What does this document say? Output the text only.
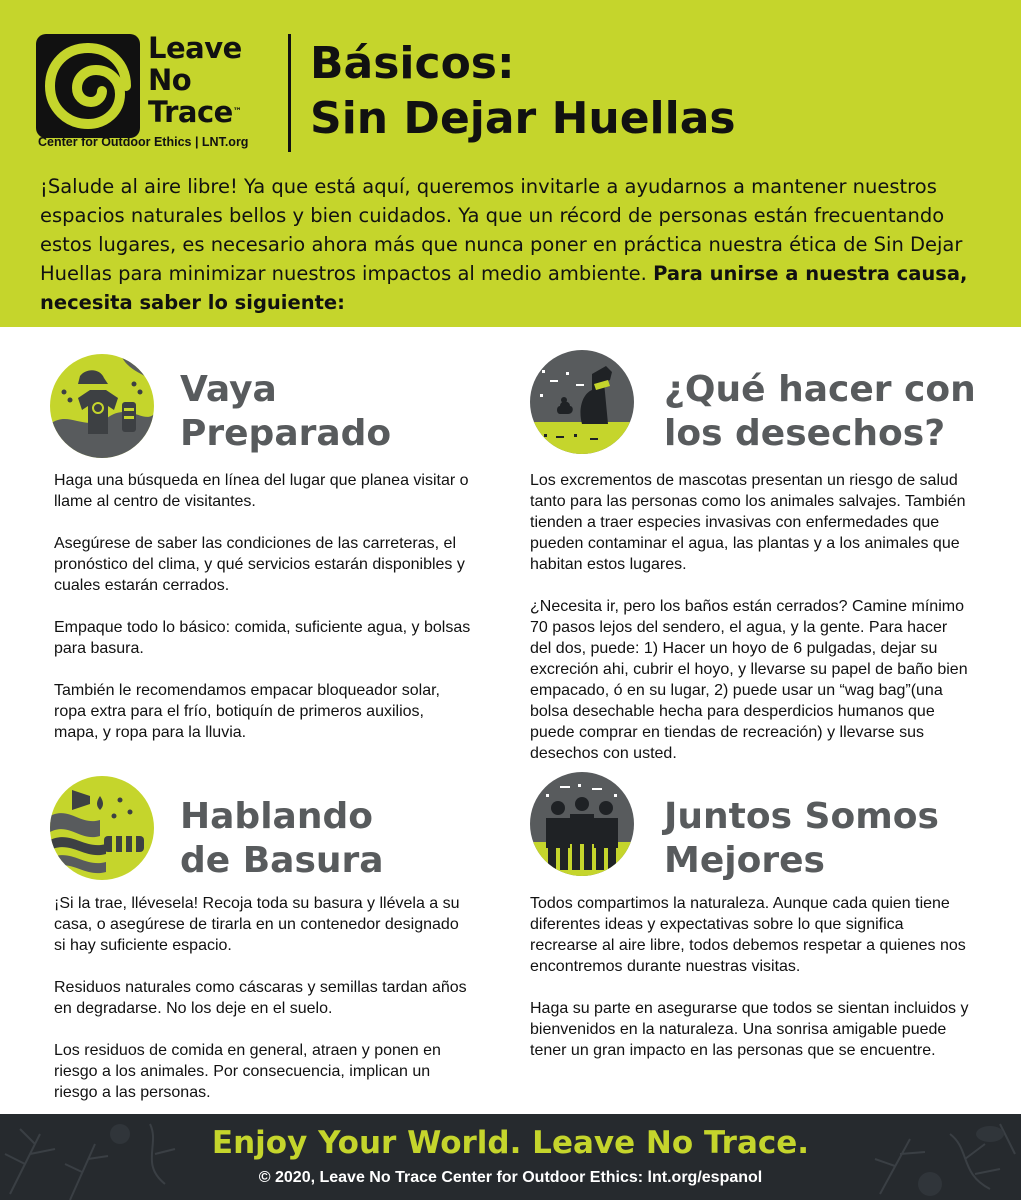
Leave
No
Trace™
Center for Outdoor Ethics | LNT.org
Básicos:
Sin Dejar Huellas
¡Salude al aire libre! Ya que está aquí, queremos invitarle a ayudarnos a mantener nuestros espacios naturales bellos y bien cuidados. Ya que un récord de personas están frecuentando estos lugares, es necesario ahora más que nunca poner en práctica nuestra ética de Sin Dejar Huellas para minimizar nuestros impactos al medio ambiente. Para unirse a nuestra causa, necesita saber lo siguiente:
Vaya
Preparado

Haga una búsqueda en línea del lugar que planea visitar o llame al centro de visitantes.

Asegúrese de saber las condiciones de las carreteras, el pronóstico del clima, y qué servicios estarán disponibles y cuales estarán cerrados.

Empaque todo lo básico: comida, suficiente agua, y bolsas para basura.

También le recomendamos empacar bloqueador solar, ropa extra para el frío, botiquín de primeros auxilios, mapa, y ropa para la lluvia.

¿Qué hacer con
los desechos?

Los excrementos de mascotas presentan un riesgo de salud tanto para las personas como los animales salvajes. También tienden a traer especies invasivas con enfermedades que pueden contaminar el agua, las plantas y a los animales que habitan estos lugares.

¿Necesita ir, pero los baños están cerrados? Camine mínimo 70 pasos lejos del sendero, el agua, y la gente. Para hacer del dos, puede: 1) Hacer un hoyo de 6 pulgadas, dejar su excreción ahi, cubrir el hoyo, y llevarse su papel de baño bien empacado, ó en su lugar, 2) puede usar un “wag bag”(una bolsa desechable hecha para desperdicios humanos que puede comprar en tiendas de recreación) y llevarse sus desechos con usted.

Hablando
de Basura

¡Si la trae, llévesela! Recoja toda su basura y llévela a su casa, o asegúrese de tirarla en un contenedor designado si hay suficiente espacio.

Residuos naturales como cáscaras y semillas tardan años en degradarse. No los deje en el suelo.

Los residuos de comida en general, atraen y ponen en riesgo a los animales. Por consecuencia, implican un riesgo a las personas.

Juntos Somos
Mejores

Todos compartimos la naturaleza. Aunque cada quien tiene diferentes ideas y expectativas sobre lo que significa recrearse al aire libre, todos debemos respetar a quienes nos encontremos durante nuestras visitas.

Haga su parte en asegurarse que todos se sientan incluidos y bienvenidos en la naturaleza. Una sonrisa amigable puede tener un gran impacto en las personas que se encuentre.

Enjoy Your World. Leave No Trace.
© 2020, Leave No Trace Center for Outdoor Ethics: lnt.org/espanol
